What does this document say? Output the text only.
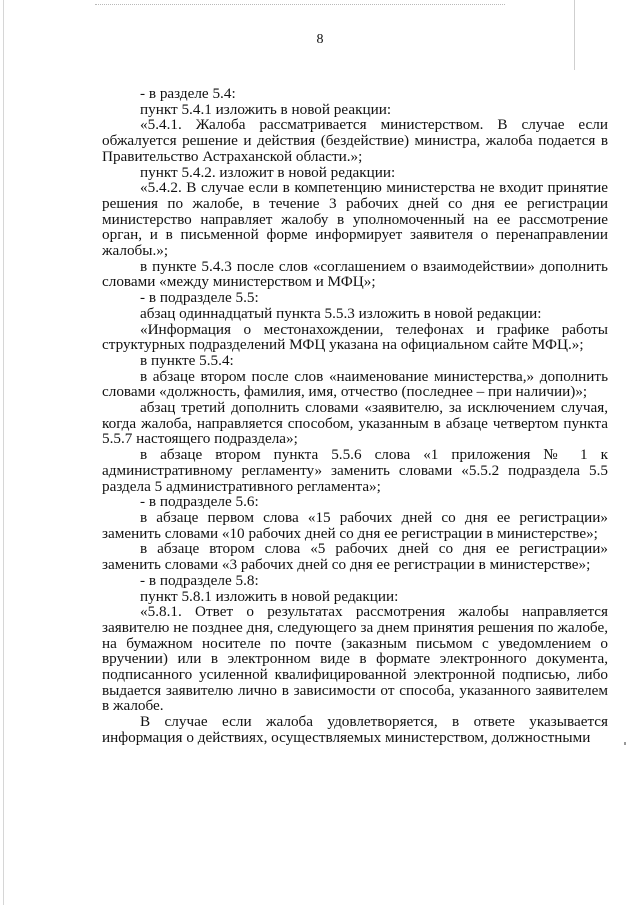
8

- в разделе 5.4:

пункт 5.4.1 изложить в новой реакции:

«5.4.1. Жалоба рассматривается министерством. В случае если обжалуется решение и действия (бездействие) министра, жалоба подается в Правительство Астраханской области.»;

пункт 5.4.2. изложит в новой редакции:

«5.4.2. В случае если в компетенцию министерства не входит принятие решения по жалобе, в течение 3 рабочих дней со дня ее регистрации министерство направляет жалобу в уполномоченный на ее рассмотрение орган, и в письменной форме информирует заявителя о перенаправлении жалобы.»;

в пункте 5.4.3 после слов «соглашением о взаимодействии» дополнить словами «между министерством и МФЦ»;

- в подразделе 5.5:

абзац одиннадцатый пункта 5.5.3 изложить в новой редакции:

«Информация о местонахождении, телефонах и графике работы структурных подразделений МФЦ указана на официальном сайте МФЦ.»;

в пункте 5.5.4:

в абзаце втором после слов «наименование министерства,» дополнить словами «должность, фамилия, имя, отчество (последнее – при наличии)»;

абзац третий дополнить словами «заявителю, за исключением случая, когда жалоба, направляется способом, указанным в абзаце четвертом пункта 5.5.7 настоящего подраздела»;

в абзаце втором пункта 5.5.6 слова «1 приложения № 1 к административному регламенту» заменить словами «5.5.2 подраздела 5.5 раздела 5 административного регламента»;

- в подразделе 5.6:

в абзаце первом слова «15 рабочих дней со дня ее регистрации» заменить словами «10 рабочих дней со дня ее регистрации в министерстве»;

в абзаце втором слова «5 рабочих дней со дня ее регистрации» заменить словами «3 рабочих дней со дня ее регистрации в министерстве»;

- в подразделе 5.8:

пункт 5.8.1 изложить в новой редакции:

«5.8.1. Ответ о результатах рассмотрения жалобы направляется заявителю не позднее дня, следующего за днем принятия решения по жалобе, на бумажном носителе по почте (заказным письмом с уведомлением о вручении) или в электронном виде в формате электронного документа, подписанного усиленной квалифицированной электронной подписью, либо выдается заявителю лично в зависимости от способа, указанного заявителем в жалобе.

В случае если жалоба удовлетворяется, в ответе указывается информация о действиях, осуществляемых министерством, должностными
